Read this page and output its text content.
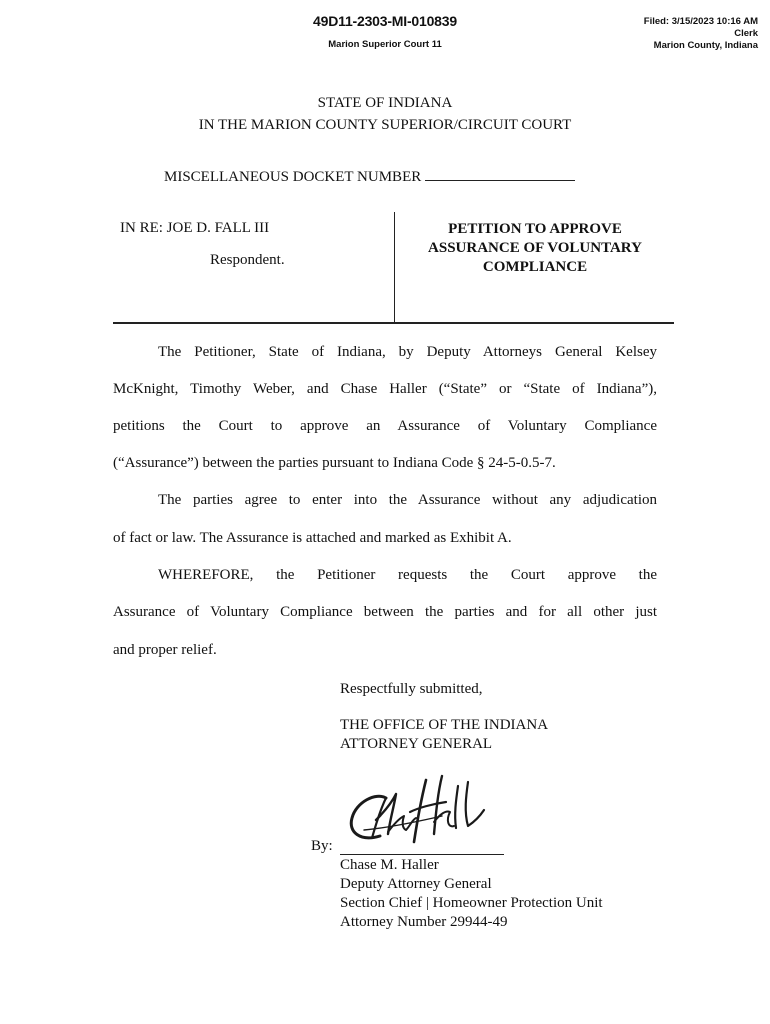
49D11-2303-MI-010839
Marion Superior Court 11
Filed: 3/15/2023 10:16 AM
Clerk
Marion County, Indiana
STATE OF INDIANA
IN THE MARION COUNTY SUPERIOR/CIRCUIT COURT
MISCELLANEOUS DOCKET NUMBER
IN RE: JOE D. FALL III
Respondent.
PETITION TO APPROVE
ASSURANCE OF VOLUNTARY
COMPLIANCE
The Petitioner, State of Indiana, by Deputy Attorneys General Kelsey
McKnight, Timothy Weber, and Chase Haller (“State” or “State of Indiana”),
petitions the Court to approve an Assurance of Voluntary Compliance
(“Assurance”) between the parties pursuant to Indiana Code § 24-5-0.5-7.
The parties agree to enter into the Assurance without any adjudication
of fact or law. The Assurance is attached and marked as Exhibit A.
WHEREFORE, the Petitioner requests the Court approve the
Assurance of Voluntary Compliance between the parties and for all other just
and proper relief.
Respectfully submitted,
THE OFFICE OF THE INDIANA
ATTORNEY GENERAL
By:
Chase M. Haller
Deputy Attorney General
Section Chief | Homeowner Protection Unit
Attorney Number 29944-49
